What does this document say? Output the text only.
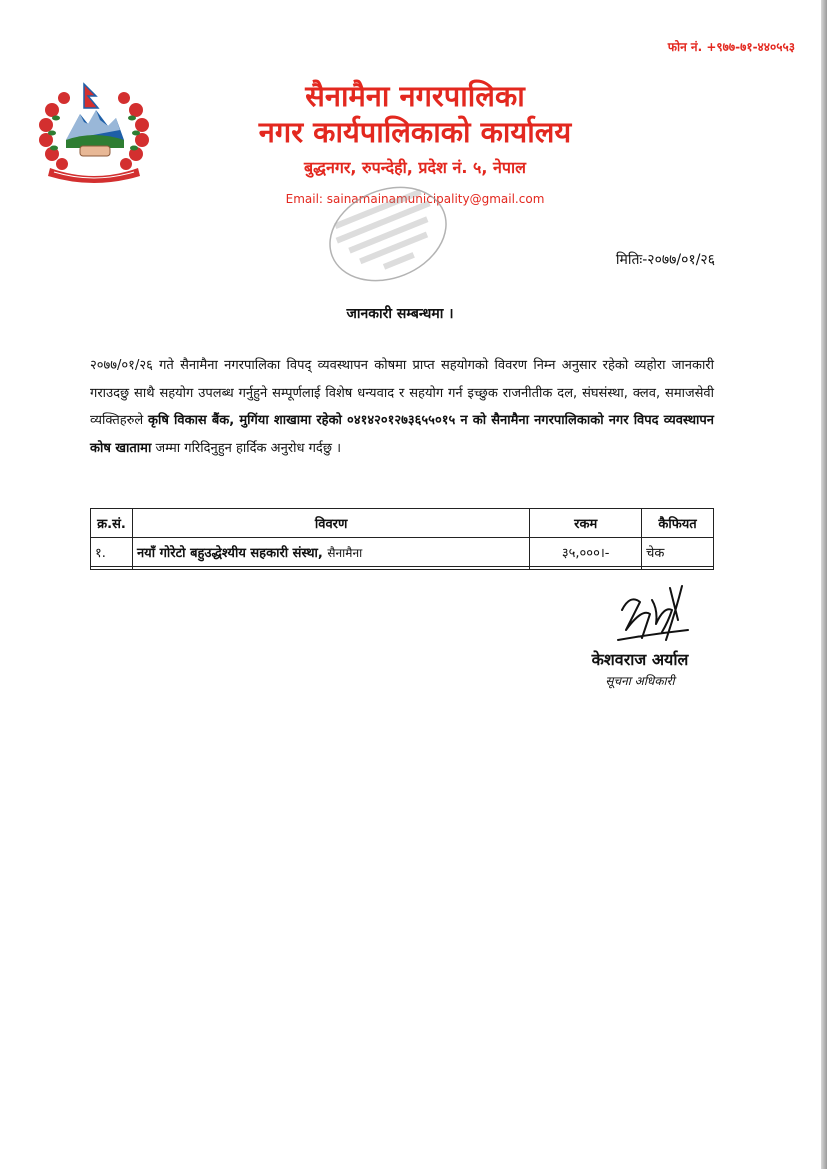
फोन नं. +९७७-७१-४४०५५३
सैनामैना नगरपालिका
नगर कार्यपालिकाको कार्यालय
बुद्धनगर, रुपन्देही, प्रदेश नं. ५, नेपाल
Email: sainamainamunicipality@gmail.com
मितिः-२०७७/०१/२६
जानकारी सम्बन्धमा ।
२०७७/०१/२६ गते सैनामैना नगरपालिका विपद् व्यवस्थापन कोषमा प्राप्त सहयोगको विवरण निम्न अनुसार रहेको व्यहोरा जानकारी गराउदछु साथै सहयोग उपलब्ध गर्नुहुने सम्पूर्णलाई विशेष धन्यवाद र सहयोग गर्न इच्छुक राजनीतीक दल, संघसंस्था, क्लव, समाजसेवी व्यक्तिहरुले कृषि विकास बैंक, मुगिंया शाखामा रहेको ०४१४२०१२७३६५५०१५ न को सैनामैना नगरपालिकाको नगर विपद व्यवस्थापन कोष खातामा जम्मा गरिदिनुहुन हार्दिक अनुरोध गर्दछु ।
क्र.सं.	विवरण	रकम	कैफियत
१.	नयाँ गोरेटो बहुउद्धेश्यीय सहकारी संस्था, सैनामैना	३५,०००।-	चेक

केशवराज अर्याल
सूचना अधिकारी
